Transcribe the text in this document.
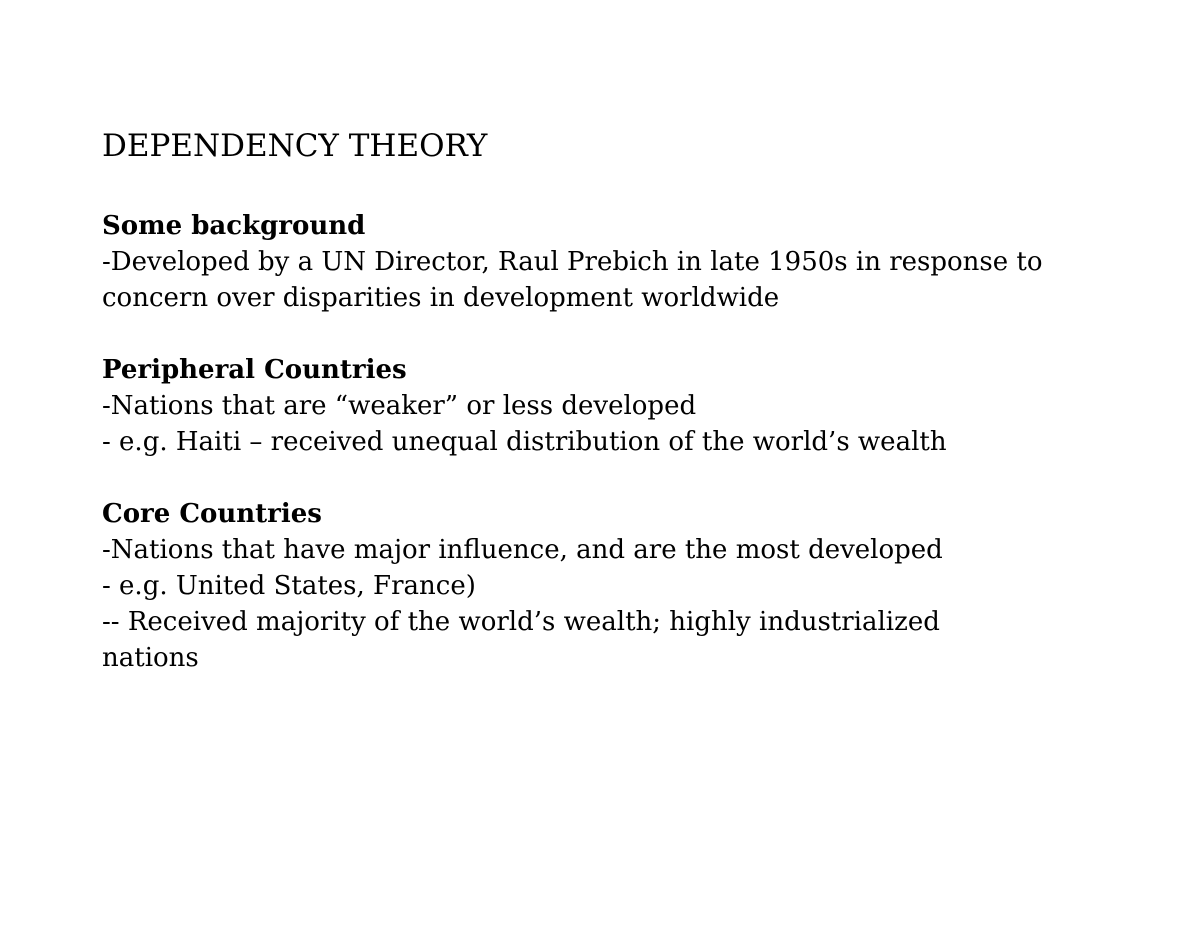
DEPENDENCY THEORY

Some background

-Developed by a UN Director, Raul Prebich in late 1950s in response to

concern over disparities in development worldwide

Peripheral Countries

-Nations that are “weaker” or less developed

- e.g. Haiti – received unequal distribution of the world’s wealth

Core Countries

-Nations that have major influence, and are the most developed

- e.g. United States, France)

-- Received majority of the world’s wealth; highly industrialized

nations
